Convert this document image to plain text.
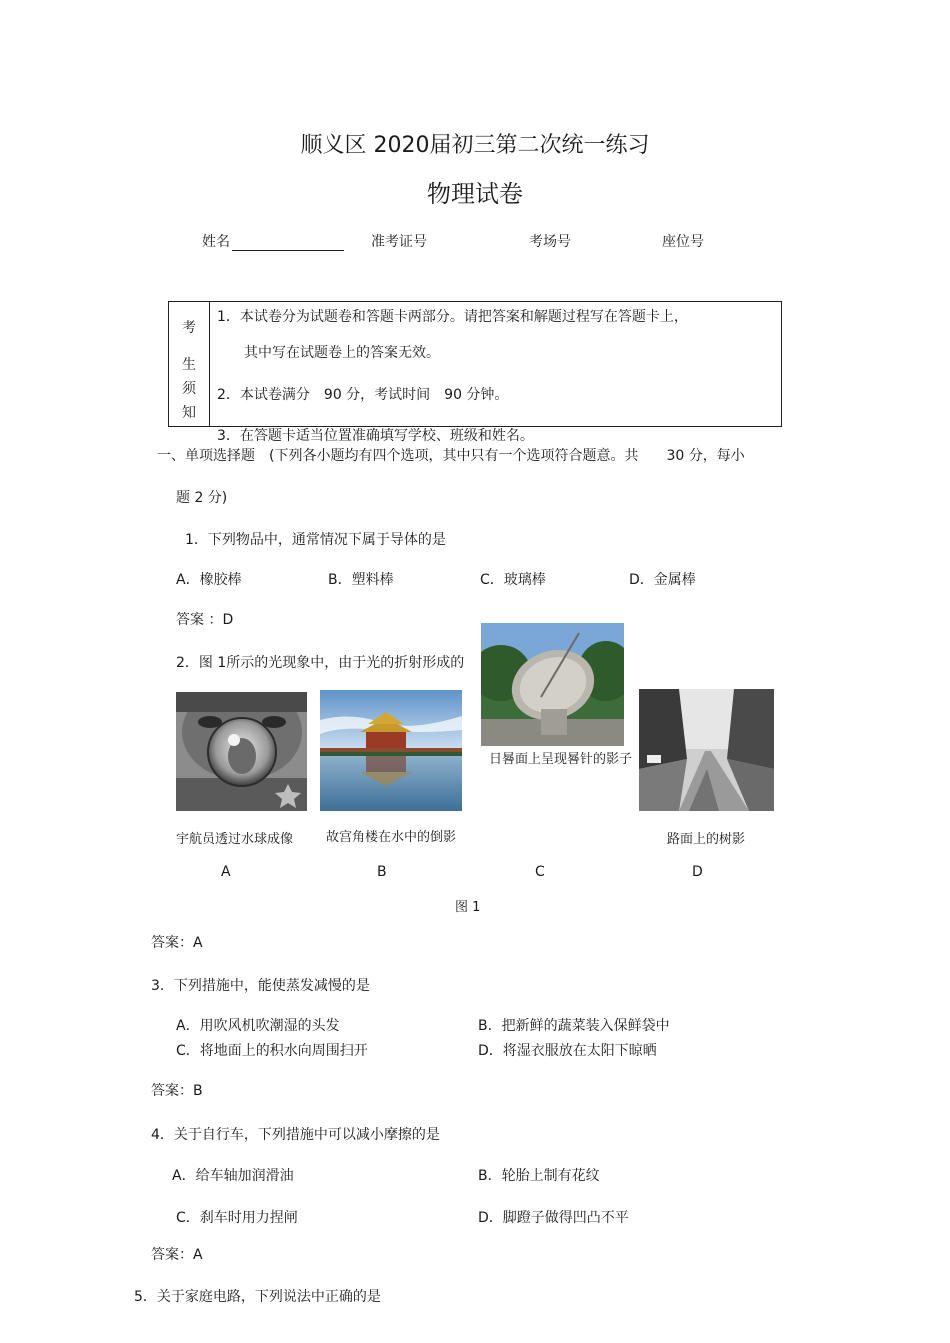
顺义区 2020届初三第二次统一练习
物理试卷
姓名	准考证号	考场号	座位号
考
生
须
知
1．本试卷分为试题卷和答题卡两部分。请把答案和解题过程写在答题卡上，
其中写在试题卷上的答案无效。
2．本试卷满分　90 分，考试时间　90 分钟。
3．在答题卡适当位置准确填写学校、班级和姓名。
一、单项选择题　(下列各小题均有四个选项，其中只有一个选项符合题意。共　　30 分，每小
题 2 分)
1．下列物品中，通常情况下属于导体的是
A．橡胶棒	B．塑料棒	C．玻璃棒	D．金属棒
答案 ：D
2．图 1所示的光现象中，由于光的折射形成的
宇航员透过水球成像	故宫角楼在水中的倒影
日晷面上呈现晷针的影子
路面上的树影
A	B	C	D
图 1
答案：A
3．下列措施中，能使蒸发减慢的是
A．用吹风机吹潮湿的头发	B．把新鲜的蔬菜装入保鲜袋中
C．将地面上的积水向周围扫开	D．将湿衣服放在太阳下晾晒
答案：B
4．关于自行车，下列措施中可以减小摩擦的是
A．给车轴加润滑油	B．轮胎上制有花纹
C．刹车时用力捏闸	D．脚蹬子做得凹凸不平
答案：A
5．关于家庭电路，下列说法中正确的是
